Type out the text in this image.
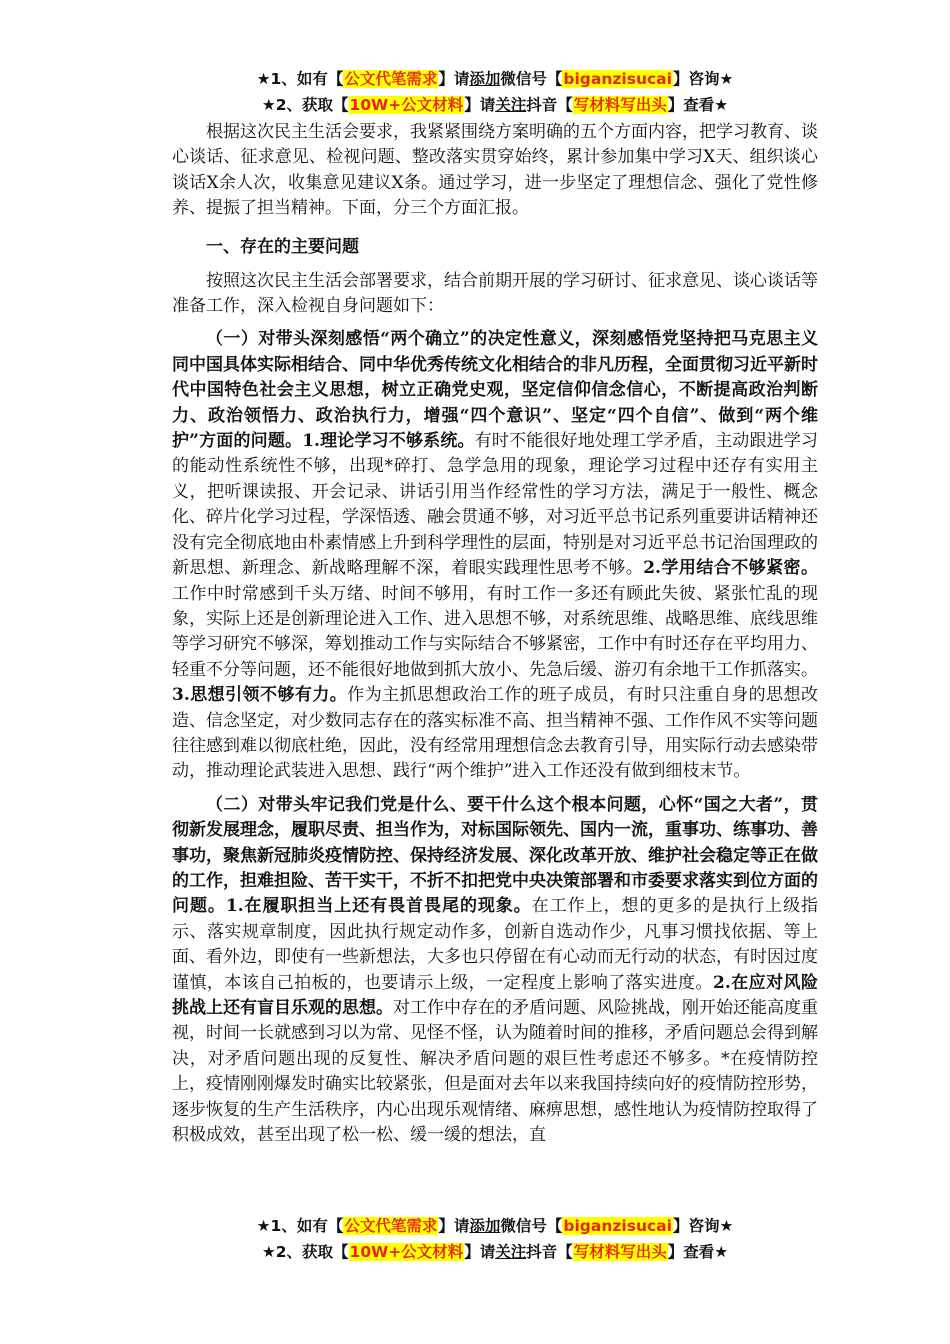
★1、如有【公文代笔需求】请添加微信号【biganzisucai】咨询★
★2、获取【10W+公文材料】请关注抖音【写材料写出头】查看★

根据这次民主生活会要求，我紧紧围绕方案明确的五个方面内容，把学习教育、谈心谈话、征求意见、检视问题、整改落实贯穿始终，累计参加集中学习X天、组织谈心谈话X余人次，收集意见建议X条。通过学习，进一步坚定了理想信念、强化了党性修养、提振了担当精神。下面，分三个方面汇报。

一、存在的主要问题

按照这次民主生活会部署要求，结合前期开展的学习研讨、征求意见、谈心谈话等准备工作，深入检视自身问题如下：

（一）对带头深刻感悟“两个确立”的决定性意义，深刻感悟党坚持把马克思主义同中国具体实际相结合、同中华优秀传统文化相结合的非凡历程，全面贯彻习近平新时代中国特色社会主义思想，树立正确党史观，坚定信仰信念信心，不断提高政治判断力、政治领悟力、政治执行力，增强“四个意识”、坚定“四个自信”、做到“两个维护”方面的问题。1.理论学习不够系统。有时不能很好地处理工学矛盾，主动跟进学习的能动性系统性不够，出现*碎打、急学急用的现象，理论学习过程中还存有实用主义，把听课读报、开会记录、讲话引用当作经常性的学习方法，满足于一般性、概念化、碎片化学习过程，学深悟透、融会贯通不够，对习近平总书记系列重要讲话精神还没有完全彻底地由朴素情感上升到科学理性的层面，特别是对习近平总书记治国理政的新思想、新理念、新战略理解不深，着眼实践理性思考不够。2.学用结合不够紧密。工作中时常感到千头万绪、时间不够用，有时工作一多还有顾此失彼、紧张忙乱的现象，实际上还是创新理论进入工作、进入思想不够，对系统思维、战略思维、底线思维等学习研究不够深，筹划推动工作与实际结合不够紧密，工作中有时还存在平均用力、轻重不分等问题，还不能很好地做到抓大放小、先急后缓、游刃有余地干工作抓落实。3.思想引领不够有力。作为主抓思想政治工作的班子成员，有时只注重自身的思想改造、信念坚定，对少数同志存在的落实标准不高、担当精神不强、工作作风不实等问题往往感到难以彻底杜绝，因此，没有经常用理想信念去教育引导，用实际行动去感染带动，推动理论武装进入思想、践行“两个维护”进入工作还没有做到细枝末节。

（二）对带头牢记我们党是什么、要干什么这个根本问题，心怀“国之大者”，贯彻新发展理念，履职尽责、担当作为，对标国际领先、国内一流，重事功、练事功、善事功，聚焦新冠肺炎疫情防控、保持经济发展、深化改革开放、维护社会稳定等正在做的工作，担难担险、苦干实干，不折不扣把党中央决策部署和市委要求落实到位方面的问题。1.在履职担当上还有畏首畏尾的现象。在工作上，想的更多的是执行上级指示、落实规章制度，因此执行规定动作多，创新自选动作少，凡事习惯找依据、等上面、看外边，即使有一些新想法，大多也只停留在有心动而无行动的状态，有时因过度谨慎，本该自己拍板的，也要请示上级，一定程度上影响了落实进度。2.在应对风险挑战上还有盲目乐观的思想。对工作中存在的矛盾问题、风险挑战，刚开始还能高度重视，时间一长就感到习以为常、见怪不怪，认为随着时间的推移，矛盾问题总会得到解决，对矛盾问题出现的反复性、解决矛盾问题的艰巨性考虑还不够多。*在疫情防控上，疫情刚刚爆发时确实比较紧张，但是面对去年以来我国持续向好的疫情防控形势，逐步恢复的生产生活秩序，内心出现乐观情绪、麻痹思想，感性地认为疫情防控取得了积极成效，甚至出现了松一松、缓一缓的想法，直

★1、如有【公文代笔需求】请添加微信号【biganzisucai】咨询★
★2、获取【10W+公文材料】请关注抖音【写材料写出头】查看★
